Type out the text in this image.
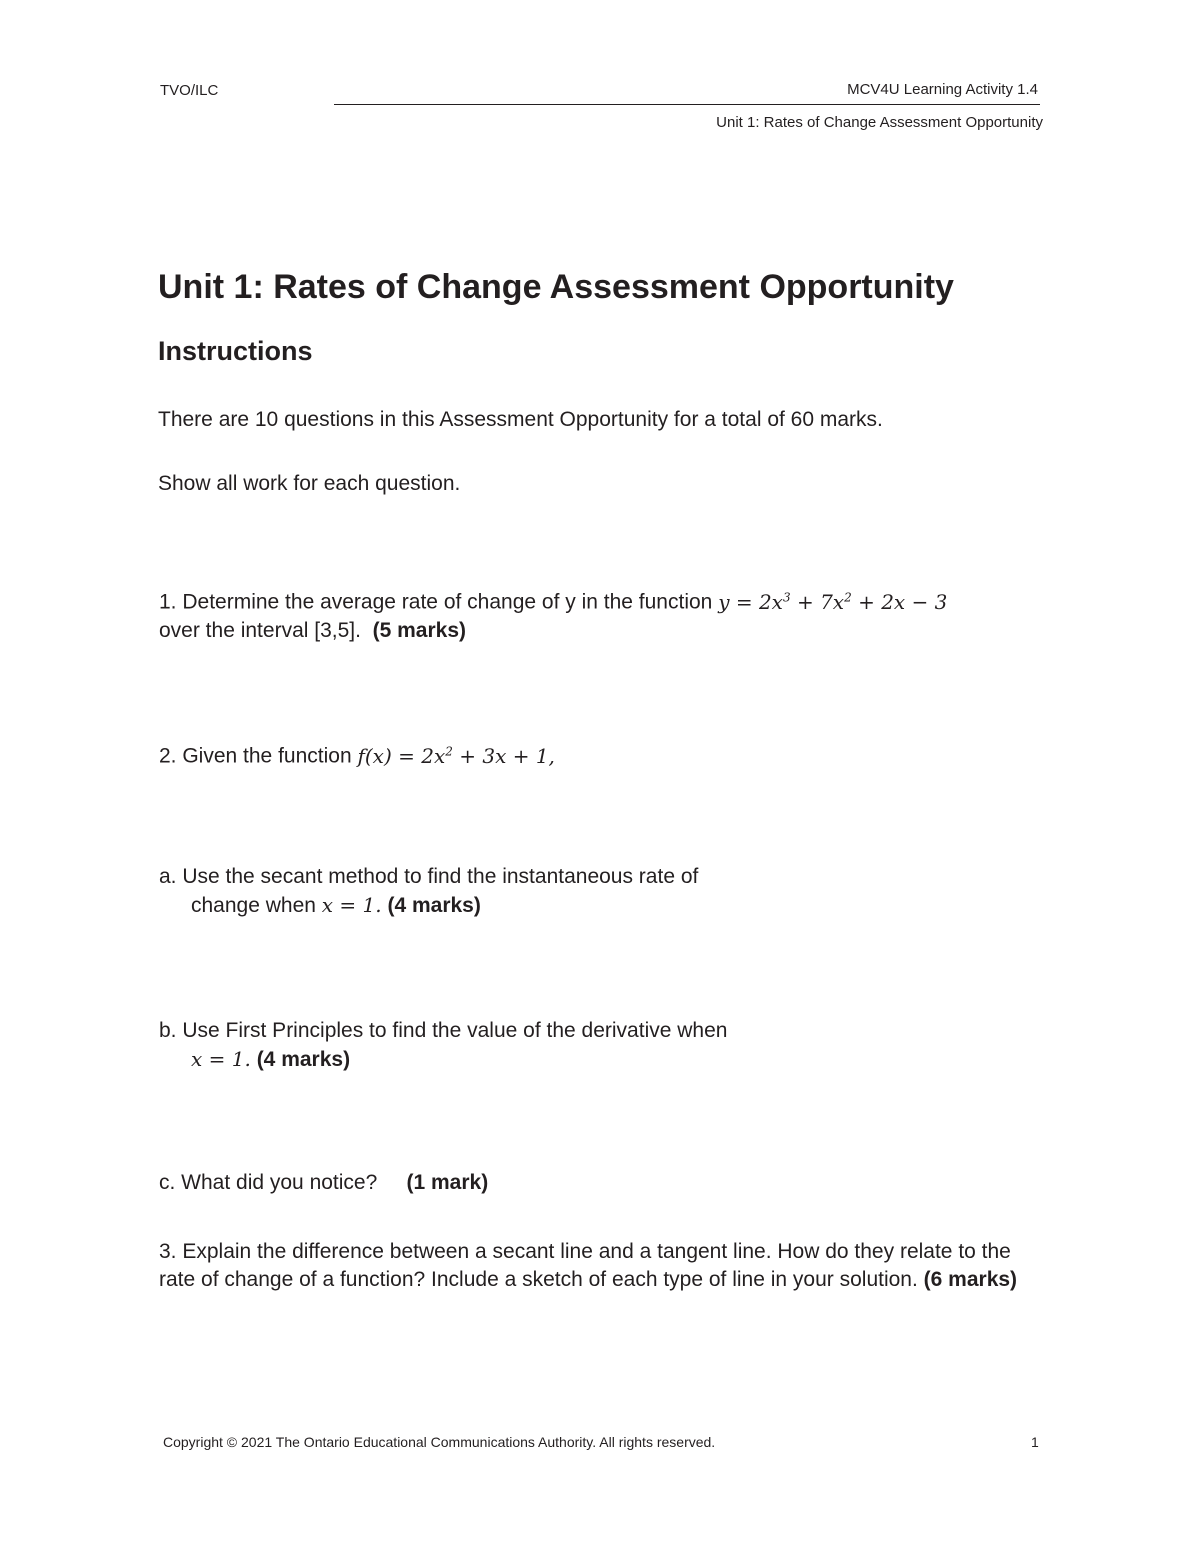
TVO/ILC	MCV4U Learning Activity 1.4
Unit 1: Rates of Change Assessment Opportunity
Unit 1: Rates of Change Assessment Opportunity
Instructions
There are 10 questions in this Assessment Opportunity for a total of 60 marks.
Show all work for each question.
1. Determine the average rate of change of y in the function $y = 2x^3 + 7x^2 + 2x - 3$
over the interval [3,5]. (5 marks)
2. Given the function $f(x) = 2x^2 + 3x + 1$,
a. Use the secant method to find the instantaneous rate of
change when x = 1. (4 marks)
b. Use First Principles to find the value of the derivative when
x = 1. (4 marks)
c. What did you notice? (1 mark)
3. Explain the difference between a secant line and a tangent line. How do they relate to the rate of change of a function? Include a sketch of each type of line in your solution. (6 marks)
Copyright © 2021 The Ontario Educational Communications Authority. All rights reserved.	1
